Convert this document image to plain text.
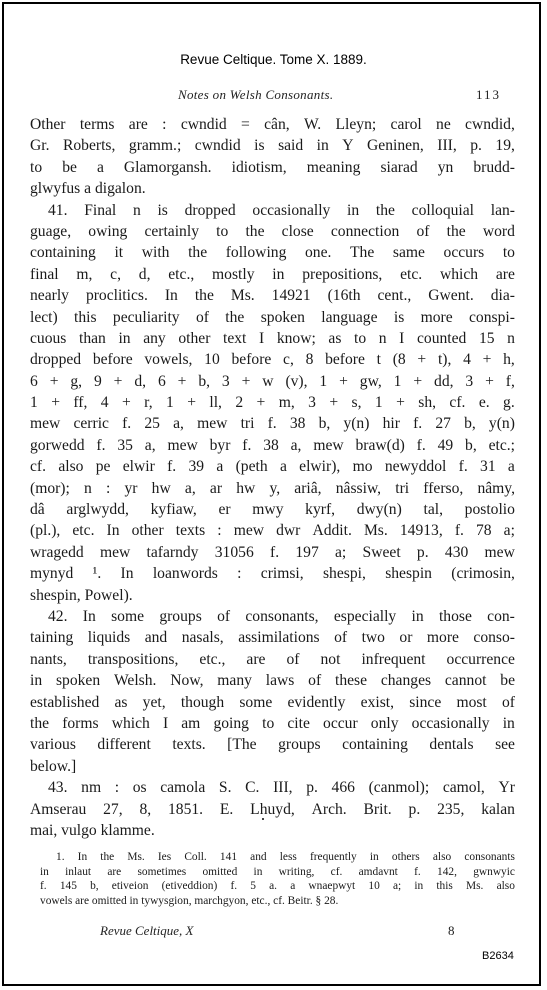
Revue Celtique. Tome X. 1889.
Notes on Welsh Consonants.	113
Other terms are : cwndid = cân, W. Lleyn; carol ne cwndid,
Gr. Roberts, gramm.; cwndid is said in Y Geninen, III, p. 19,
to be a Glamorgansh. idiotism, meaning siarad yn brudd-
glwyfus a digalon.
41. Final n is dropped occasionally in the colloquial lan-
guage, owing certainly to the close connection of the word
containing it with the following one. The same occurs to
final m, c, d, etc., mostly in prepositions, etc. which are
nearly proclitics. In the Ms. 14921 (16th cent., Gwent. dia-
lect) this peculiarity of the spoken language is more conspi-
cuous than in any other text I know; as to n I counted 15 n
dropped before vowels, 10 before c, 8 before t (8 + t), 4 + h,
6 + g, 9 + d, 6 + b, 3 + w (v), 1 + gw, 1 + dd, 3 + f,
1 + ff, 4 + r, 1 + ll, 2 + m, 3 + s, 1 + sh, cf. e. g.
mew cerric f. 25 a, mew tri f. 38 b, y(n) hir f. 27 b, y(n)
gorwedd f. 35 a, mew byr f. 38 a, mew braw(d) f. 49 b, etc.;
cf. also pe elwir f. 39 a (peth a elwir), mo newyddol f. 31 a
(mor); n : yr hw a, ar hw y, ariâ, nâssiw, tri fferso, nâmy,
dâ arglwydd, kyfiaw, er mwy kyrf, dwy(n) tal, postolio
(pl.), etc. In other texts : mew dwr Addit. Ms. 14913, f. 78 a;
wragedd mew tafarndy 31056 f. 197 a; Sweet p. 430 mew
mynyd ¹. In loanwords : crimsi, shespi, shespin (crimosin,
shespin, Powel).
42. In some groups of consonants, especially in those con-
taining liquids and nasals, assimilations of two or more conso-
nants, transpositions, etc., are of not infrequent occurrence
in spoken Welsh. Now, many laws of these changes cannot be
established as yet, though some evidently exist, since most of
the forms which I am going to cite occur only occasionally in
various different texts. [The groups containing dentals see
below.]
43. nm : os camola S. C. III, p. 466 (canmol); camol, Yr
Amserau 27, 8, 1851. E. Lhuyd, Arch. Brit. p. 235, kalan
mai, vulgo klamme.
1. In the Ms. Ies Coll. 141 and less frequently in others also consonants
in inlaut are sometimes omitted in writing, cf. amdavnt f. 142, gwnwyic
f. 145 b, etiveion (etiveddion) f. 5 a. a wnaepwyt 10 a; in this Ms. also
vowels are omitted in tywysgion, marchgyon, etc., cf. Beitr. § 28.
Revue Celtique, X	8
B2634
